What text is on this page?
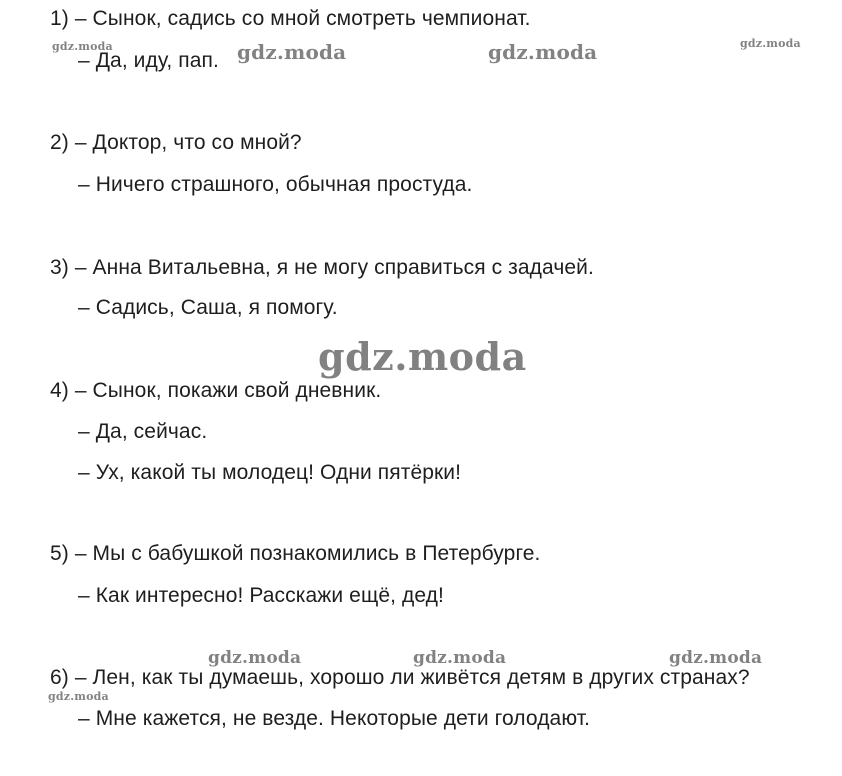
1) – Сынок, садись со мной смотреть чемпионат.
– Да, иду, пап.
2) – Доктор, что со мной?
– Ничего страшного, обычная простуда.
3) – Анна Витальевна, я не могу справиться с задачей.
– Садись, Саша, я помогу.
4) – Сынок, покажи свой дневник.
– Да, сейчас.
– Ух, какой ты молодец! Одни пятёрки!
5) – Мы с бабушкой познакомились в Петербурге.
– Как интересно! Расскажи ещё, дед!
6) – Лен, как ты думаешь, хорошо ли живётся детям в других странах?
– Мне кажется, не везде. Некоторые дети голодают.
gdz.moda	gdz.moda	gdz.moda	gdz.moda
gdz.moda
gdz.moda	gdz.moda	gdz.moda
gdz.moda
